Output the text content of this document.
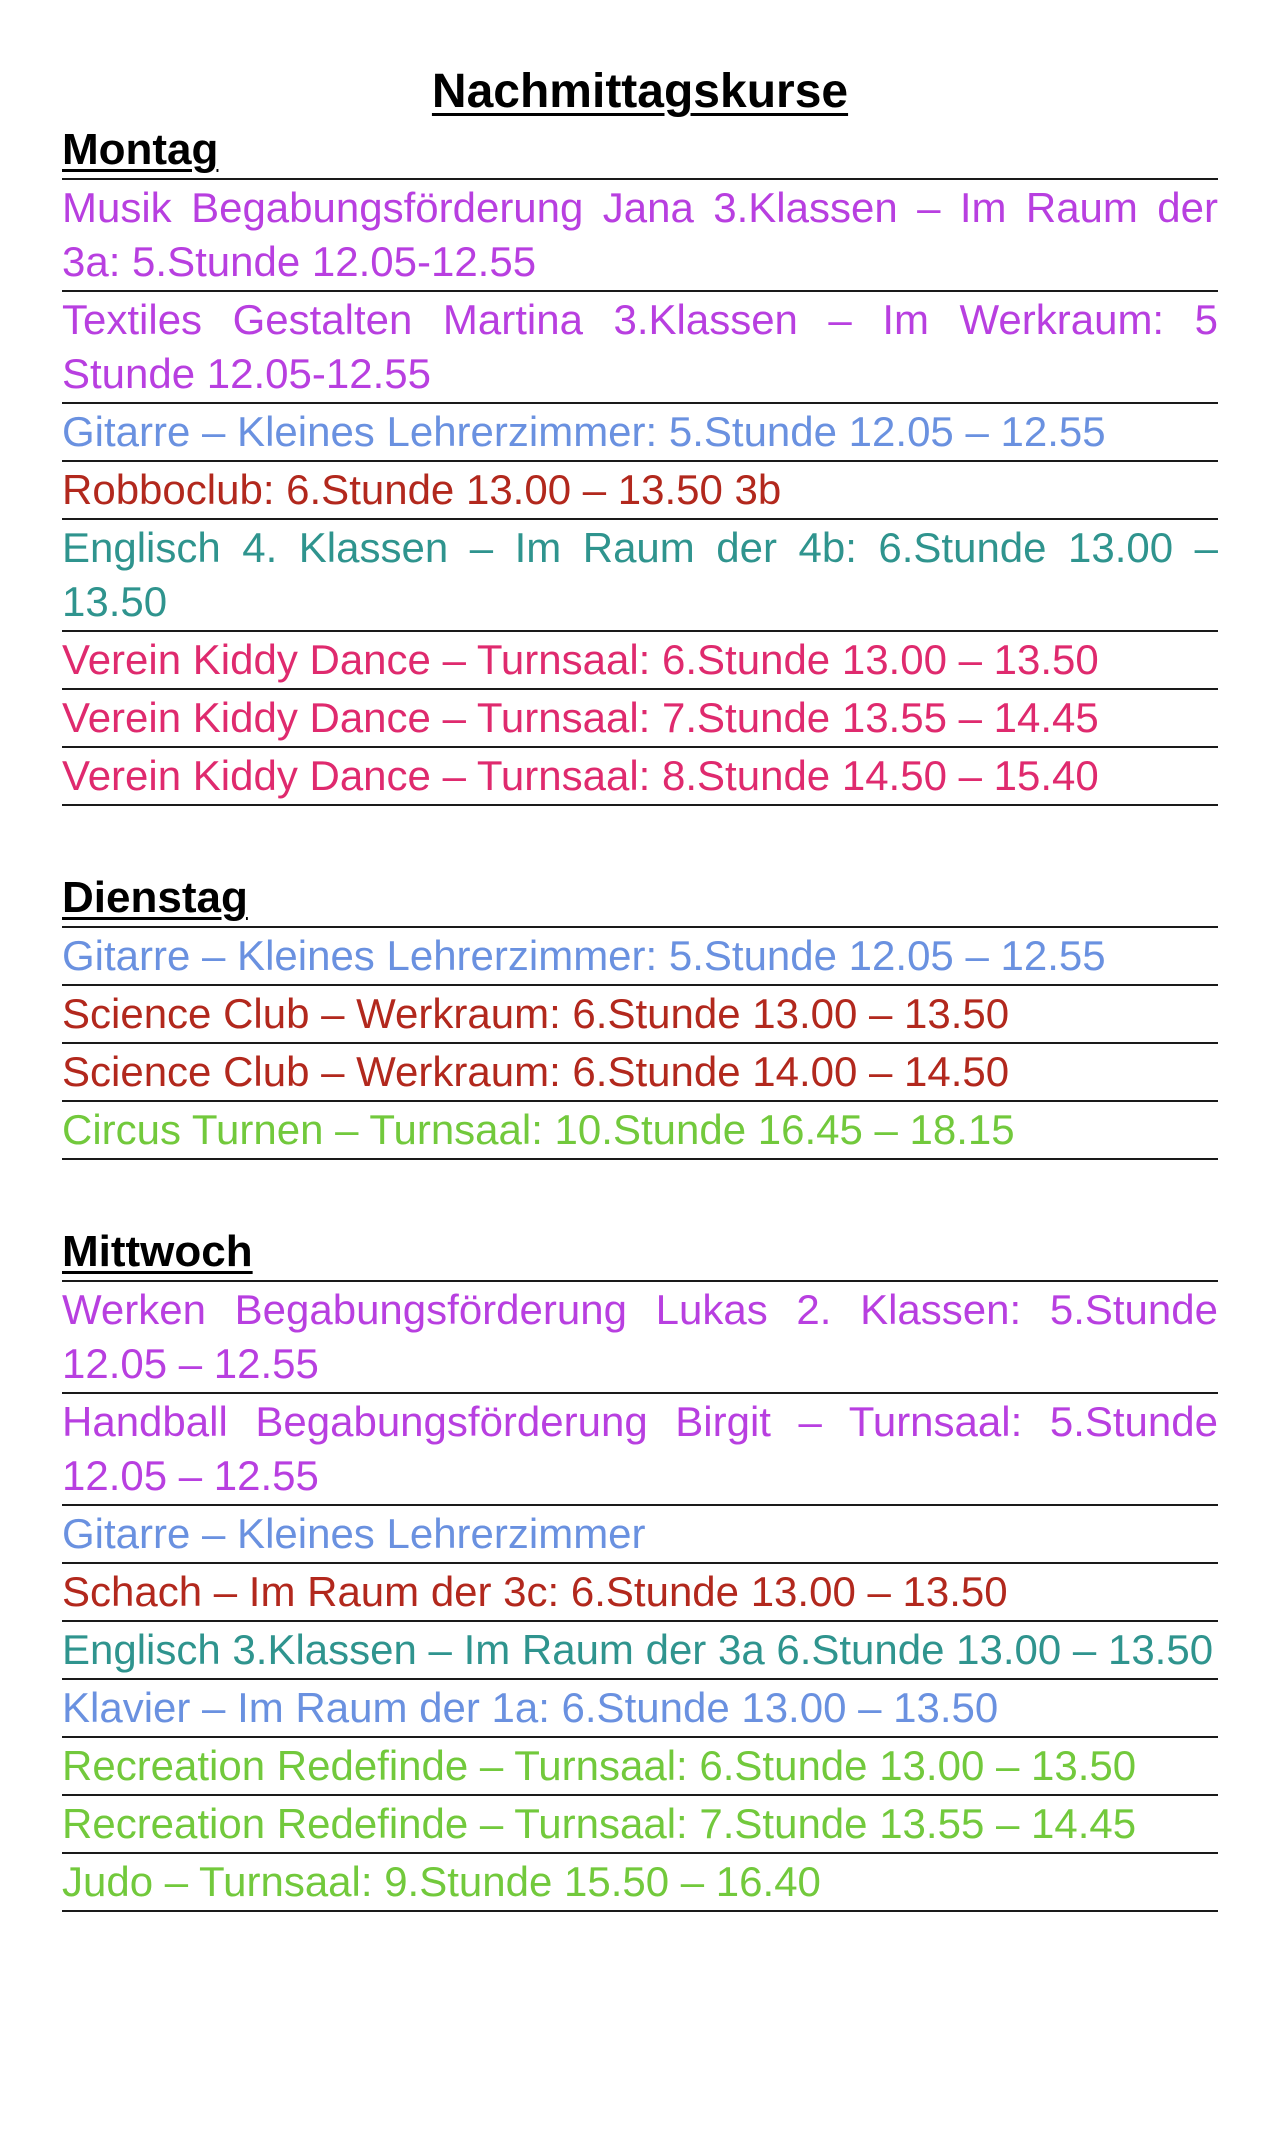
Nachmittagskurse
Montag
Musik Begabungsförderung Jana 3.Klassen – Im Raum der 3a: 5.Stunde 12.05-12.55
Textiles Gestalten Martina 3.Klassen – Im Werkraum: 5 Stunde 12.05-12.55
Gitarre – Kleines Lehrerzimmer: 5.Stunde 12.05 – 12.55
Robboclub: 6.Stunde 13.00 – 13.50 3b
Englisch 4. Klassen – Im Raum der 4b: 6.Stunde 13.00 – 13.50
Verein Kiddy Dance – Turnsaal: 6.Stunde 13.00 – 13.50
Verein Kiddy Dance – Turnsaal: 7.Stunde 13.55 – 14.45
Verein Kiddy Dance – Turnsaal: 8.Stunde 14.50 – 15.40
Dienstag
Gitarre – Kleines Lehrerzimmer: 5.Stunde 12.05 – 12.55
Science Club – Werkraum: 6.Stunde 13.00 – 13.50
Science Club – Werkraum: 6.Stunde 14.00 – 14.50
Circus Turnen – Turnsaal: 10.Stunde 16.45 – 18.15
Mittwoch
Werken Begabungsförderung Lukas 2. Klassen: 5.Stunde 12.05 – 12.55
Handball Begabungsförderung Birgit – Turnsaal: 5.Stunde 12.05 – 12.55
Gitarre – Kleines Lehrerzimmer
Schach – Im Raum der 3c: 6.Stunde 13.00 – 13.50
Englisch 3.Klassen – Im Raum der 3a 6.Stunde 13.00 – 13.50
Klavier – Im Raum der 1a: 6.Stunde 13.00 – 13.50
Recreation Redefinde – Turnsaal: 6.Stunde 13.00 – 13.50
Recreation Redefinde – Turnsaal: 7.Stunde 13.55 – 14.45
Judo – Turnsaal: 9.Stunde 15.50 – 16.40
